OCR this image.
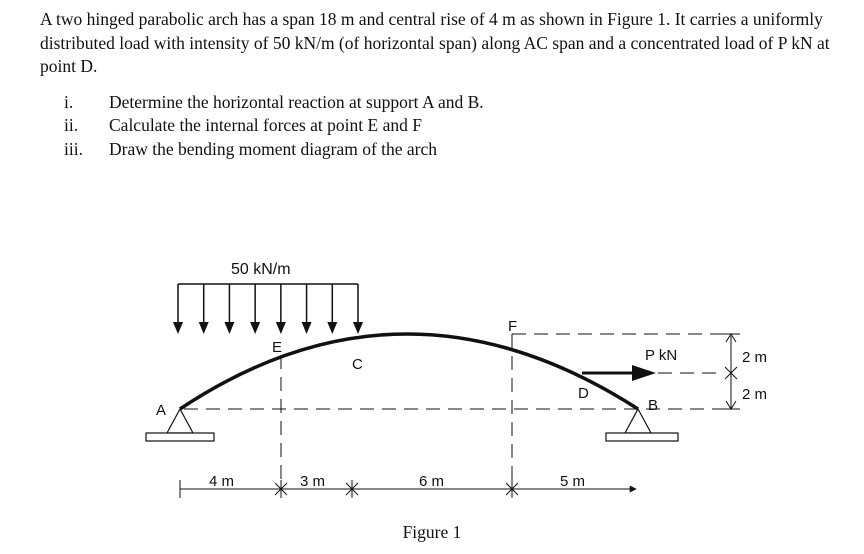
A two hinged parabolic arch has a span 18 m and central rise of 4 m as shown in Figure 1. It carries a uniformly distributed load with intensity of 50 kN/m (of horizontal span) along AC span and a concentrated load of P kN at point D.

i.	Determine the horizontal reaction at support A and B.
ii.	Calculate the internal forces at point E and F
iii.	Draw the bending moment diagram of the arch
50 kN/m
P kN
A	B
C
D
E
F
4 m	3 m	6 m	5 m
2 m
2 m
Figure 1
